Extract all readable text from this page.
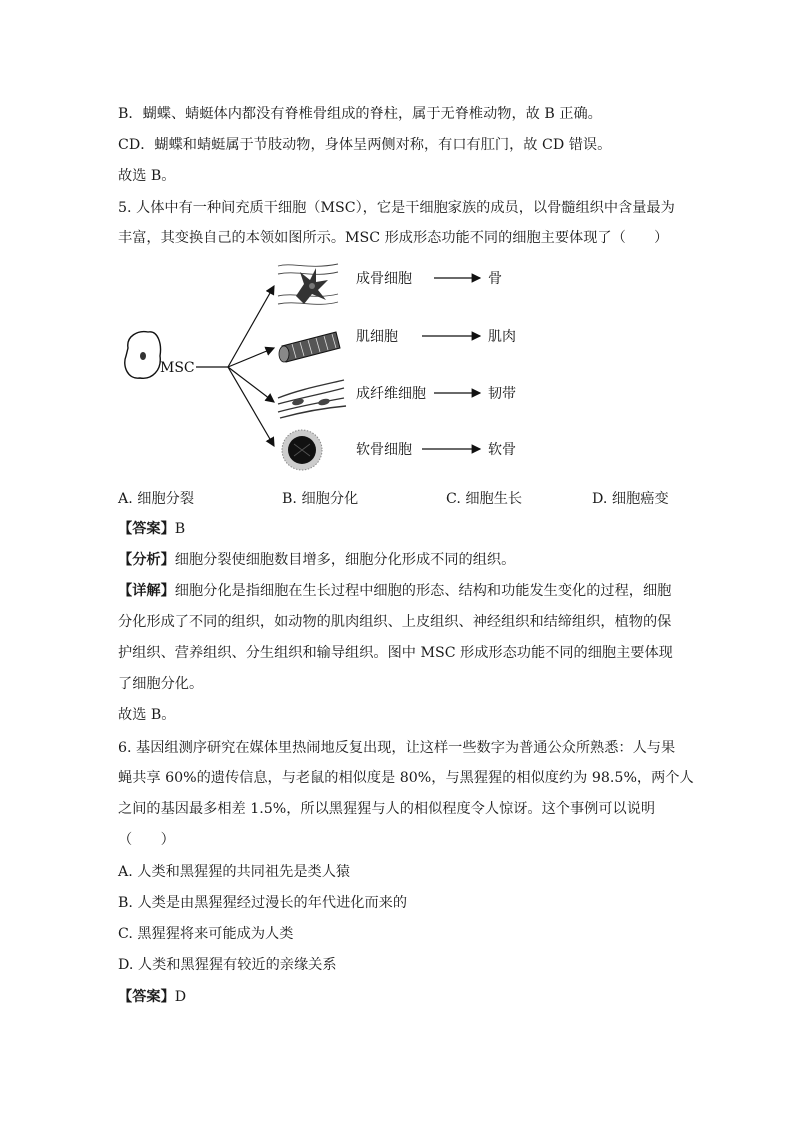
B．蝴蝶、蜻蜓体内都没有脊椎骨组成的脊柱，属于无脊椎动物，故 B 正确。
CD．蝴蝶和蜻蜓属于节肢动物，身体呈两侧对称，有口有肛门，故 CD 错误。
故选 B。
5. 人体中有一种间充质干细胞（MSC），它是干细胞家族的成员，以骨髓组织中含量最为
丰富，其变换自己的本领如图所示。MSC 形成形态功能不同的细胞主要体现了（　　）
MSC
成骨细胞	骨
肌细胞	肌肉
成纤维细胞	韧带
软骨细胞	软骨
A. 细胞分裂	B. 细胞分化	C. 细胞生长	D. 细胞癌变
【答案】B
【分析】细胞分裂使细胞数目增多，细胞分化形成不同的组织。
【详解】细胞分化是指细胞在生长过程中细胞的形态、结构和功能发生变化的过程，细胞
分化形成了不同的组织，如动物的肌肉组织、上皮组织、神经组织和结缔组织，植物的保
护组织、营养组织、分生组织和输导组织。图中 MSC 形成形态功能不同的细胞主要体现
了细胞分化。
故选 B。
6. 基因组测序研究在媒体里热闹地反复出现，让这样一些数字为普通公众所熟悉：人与果
蝇共享 60%的遗传信息，与老鼠的相似度是 80%，与黑猩猩的相似度约为 98.5%，两个人
之间的基因最多相差 1.5%，所以黑猩猩与人的相似程度令人惊讶。这个事例可以说明
（　　）
A. 人类和黑猩猩的共同祖先是类人猿
B. 人类是由黑猩猩经过漫长的年代进化而来的
C. 黑猩猩将来可能成为人类
D. 人类和黑猩猩有较近的亲缘关系
【答案】D
